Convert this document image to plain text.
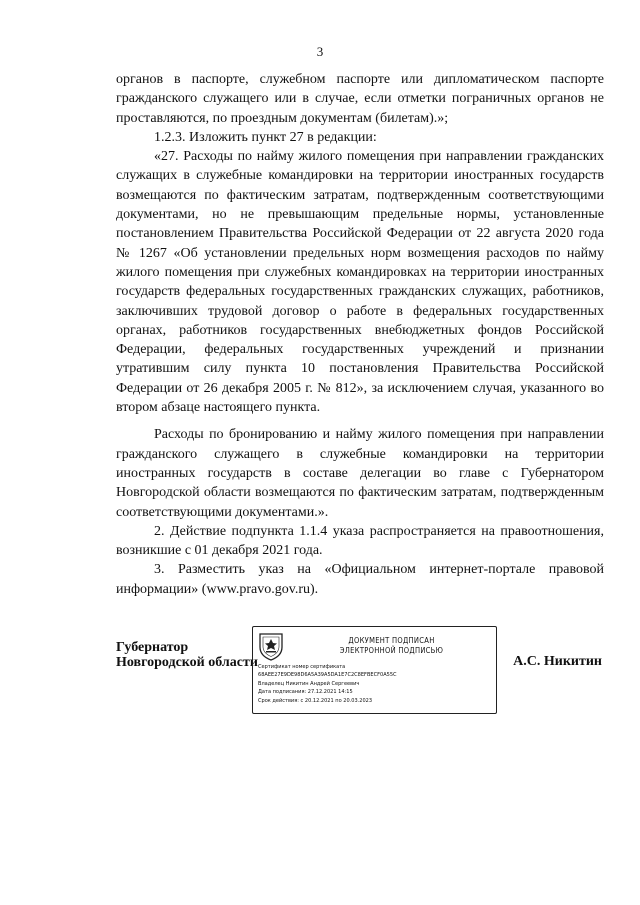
3

органов в паспорте, служебном паспорте или дипломатическом паспорте гражданского служащего или в случае, если отметки пограничных органов не проставляются, по проездным документам (билетам).»;

1.2.3. Изложить пункт 27 в редакции:

«27. Расходы по найму жилого помещения при направлении гражданских служащих в служебные командировки на территории иностранных государств возмещаются по фактическим затратам, подтвержденным соответствующими документами, но не превышающим предельные нормы, установленные постановлением Правительства Российской Федерации от 22 августа 2020 года № 1267 «Об установлении предельных норм возмещения расходов по найму жилого помещения при служебных командировках на территории иностранных государств федеральных государственных гражданских служащих, работников, заключивших трудовой договор о работе в федеральных государственных органах, работников государственных внебюджетных фондов Российской Федерации, федеральных государственных учреждений и признании утратившим силу пункта 10 постановления Правительства Российской Федерации от 26 декабря 2005 г. № 812», за исключением случая, указанного во втором абзаце настоящего пункта.

Расходы по бронированию и найму жилого помещения при направлении гражданского служащего в служебные командировки на территории иностранных государств в составе делегации во главе с Губернатором Новгородской области возмещаются по фактическим затратам, подтвержденным соответствующими документами.».

2. Действие подпункта 1.1.4 указа распространяется на правоотношения, возникшие с 01 декабря 2021 года.

3. Разместить указ на «Официальном интернет-портале правовой информации» (www.pravo.gov.ru).

Губернатор
Новгородской области
ДОКУМЕНТ ПОДПИСАН
ЭЛЕКТРОННОЙ ПОДПИСЬЮ
Сертификат номер сертификата
68AEE27E9DE98D6A5A39A5DA1E7C2C8EFBECF0A55C
Владелец Никитин Андрей Сергеевич
Дата подписания: 27.12.2021 14:15
Срок действия: с 20.12.2021 по 20.03.2023
А.С. Никитин
